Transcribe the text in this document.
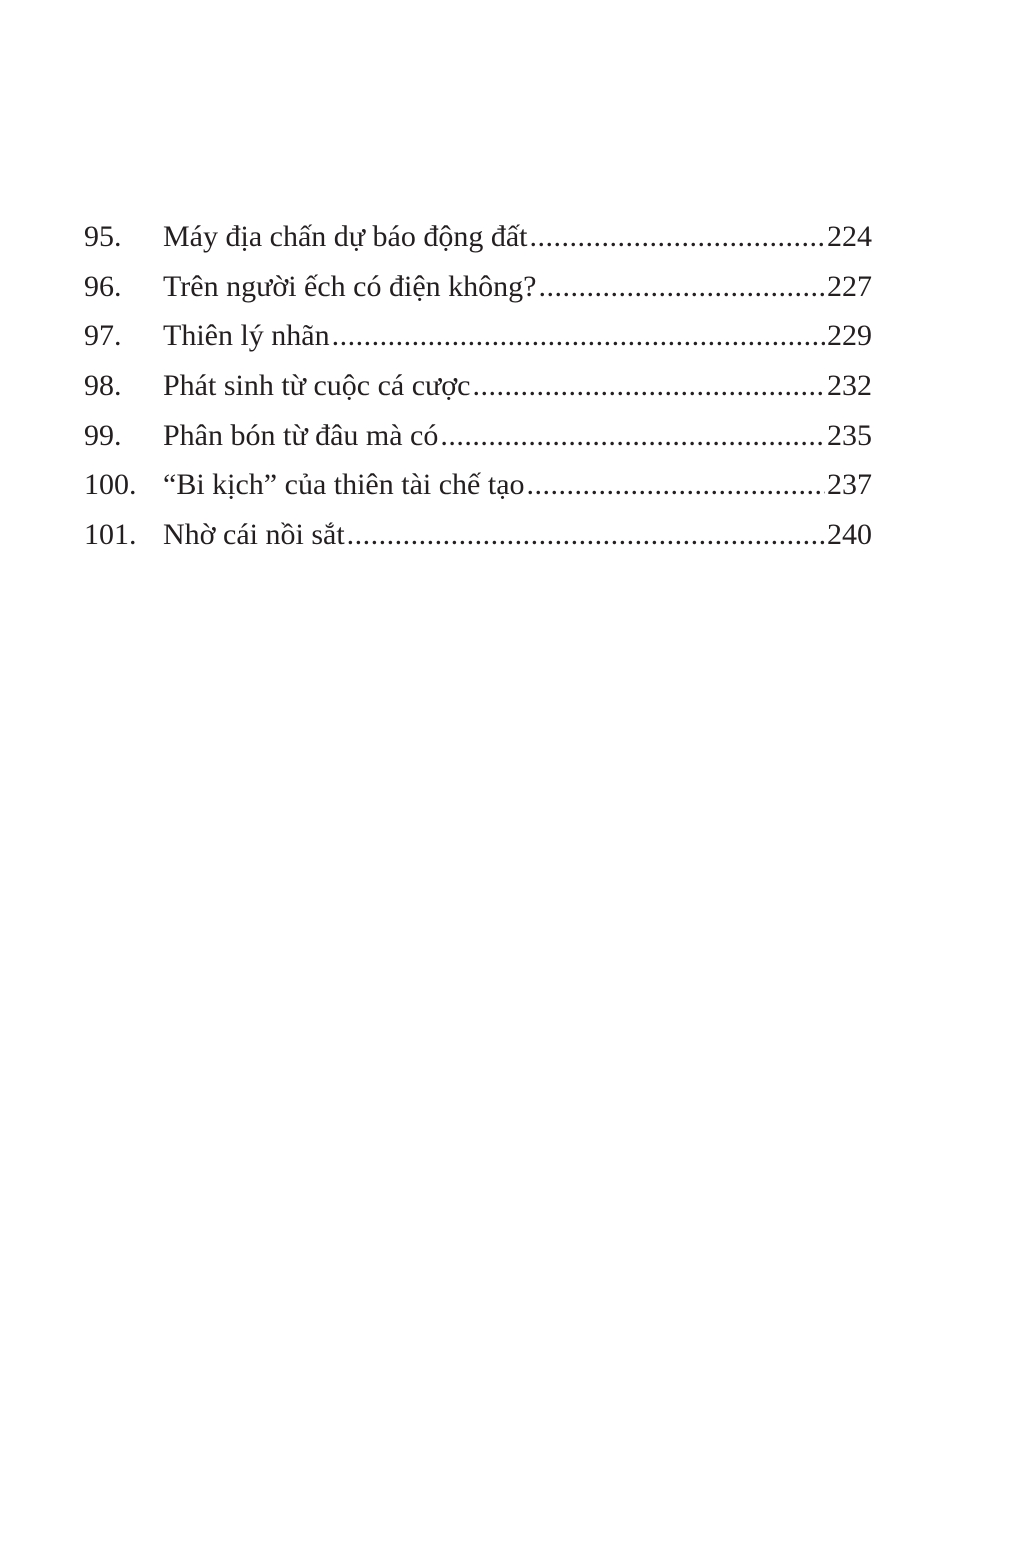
95.	Máy địa chấn dự báo động đất .....	224
96.	Trên người ếch có điện không? .....	227
97.	Thiên lý nhãn .....	229
98.	Phát sinh từ cuộc cá cược .....	232
99.	Phân bón từ đâu mà có .....	235
100. “Bi kịch” của thiên tài chế tạo .....	237
101. Nhờ cái nồi sắt .....	240
